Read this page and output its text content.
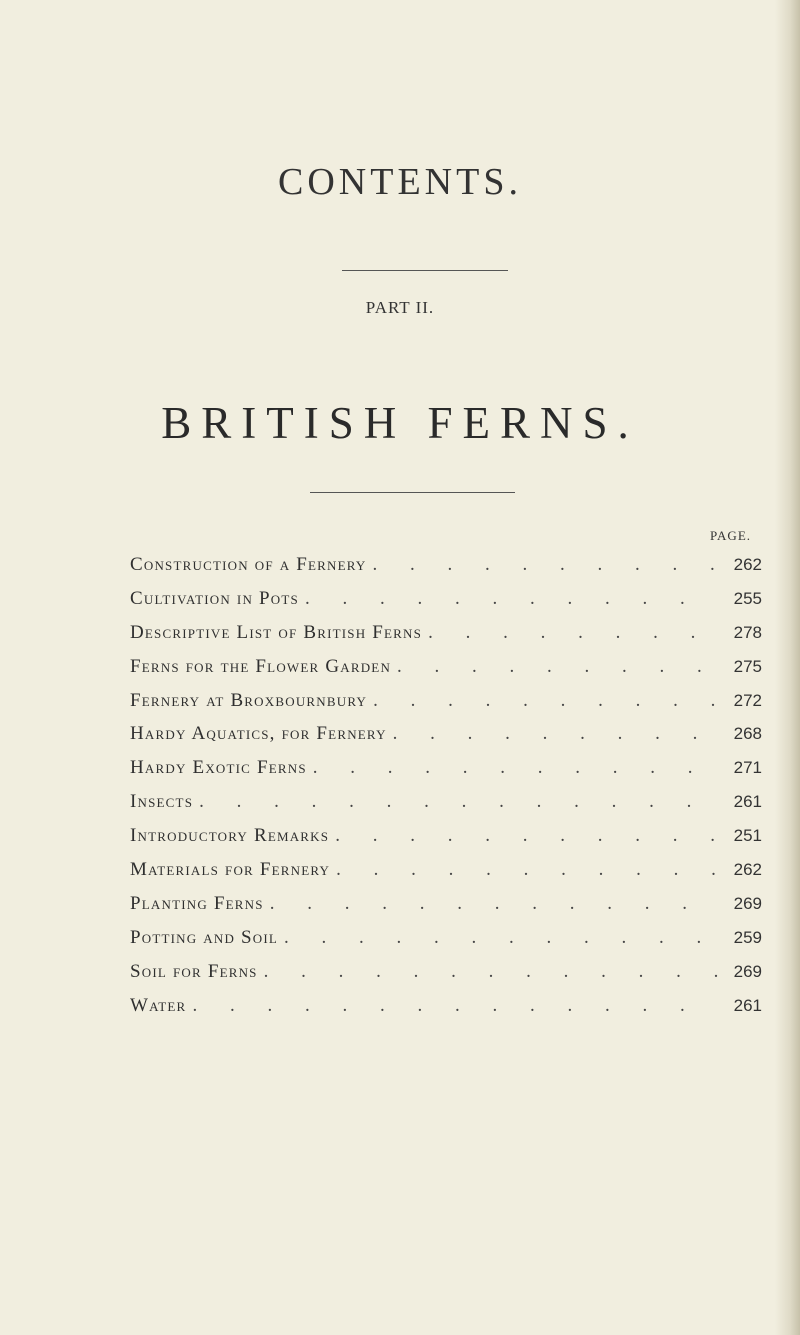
CONTENTS.
PART II.
BRITISH FERNS.
PAGE.
Construction of a Fernery . . .	262
Cultivation in Pots . . .	255
Descriptive List of British Ferns . . .	278
Ferns for the Flower Garden . . .	275
Fernery at Broxbournbury . . .	272
Hardy Aquatics, for Fernery . . .	268
Hardy Exotic Ferns . . .	271
Insects . . .	261
Introductory Remarks . . .	251
Materials for Fernery . . .	262
Planting Ferns . . .	269
Potting and Soil . . .	259
Soil for Ferns . . .	269
Water . . .	261
